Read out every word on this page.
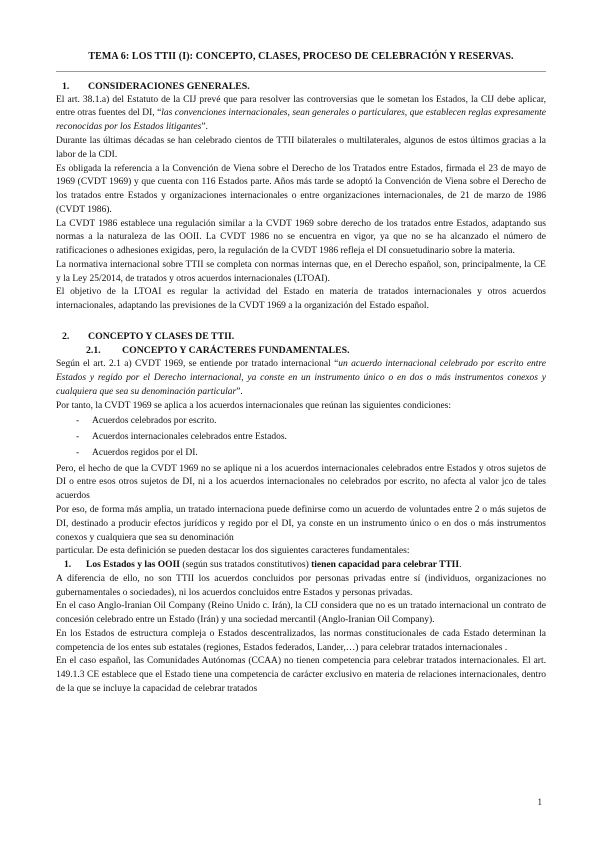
TEMA 6: LOS TTII (I): CONCEPTO, CLASES, PROCESO DE CELEBRACIÓN Y RESERVAS.
1. CONSIDERACIONES GENERALES.

El art. 38.1.a) del Estatuto de la CIJ prevé que para resolver las controversias que le sometan los Estados, la CIJ debe aplicar, entre otras fuentes del DI, “las convenciones internacionales, sean generales o particulares, que establecen reglas expresamente reconocidas por los Estados litigantes”.

Durante las últimas décadas se han celebrado cientos de TTII bilaterales o multilaterales, algunos de estos últimos gracias a la labor de la CDI.

Es obligada la referencia a la Convención de Viena sobre el Derecho de los Tratados entre Estados, firmada el 23 de mayo de 1969 (CVDT 1969) y que cuenta con 116 Estados parte. Años más tarde se adoptó la Convención de Viena sobre el Derecho de los tratados entre Estados y organizaciones internacionales o entre organizaciones internacionales, de 21 de marzo de 1986 (CVDT 1986).

La CVDT 1986 establece una regulación similar a la CVDT 1969 sobre derecho de los tratados entre Estados, adaptando sus normas a la naturaleza de las OOII. La CVDT 1986 no se encuentra en vigor, ya que no se ha alcanzado el número de ratificaciones o adhesiones exigidas, pero, la regulación de la CVDT 1986 refleja el DI consuetudinario sobre la materia.

La normativa internacional sobre TTII se completa con normas internas que, en el Derecho español, son, principalmente, la CE y la Ley 25/2014, de tratados y otros acuerdos internacionales (LTOAI).

El objetivo de la LTOAI es regular la actividad del Estado en materia de tratados internacionales y otros acuerdos internacionales, adaptando las previsiones de la CVDT 1969 a la organización del Estado español.

2. CONCEPTO Y CLASES DE TTII.
2.1. CONCEPTO Y CARÁCTERES FUNDAMENTALES.

Según el art. 2.1 a) CVDT 1969, se entiende por tratado internacional “un acuerdo internacional celebrado por escrito entre Estados y regido por el Derecho internacional, ya conste en un instrumento único o en dos o más instrumentos conexos y cualquiera que sea su denominación particular”.

Por tanto, la CVDT 1969 se aplica a los acuerdos internacionales que reúnan las siguientes condiciones:

- Acuerdos celebrados por escrito.
- Acuerdos internacionales celebrados entre Estados.
- Acuerdos regidos por el DI.

Pero, el hecho de que la CVDT 1969 no se aplique ni a los acuerdos internacionales celebrados entre Estados y otros sujetos de DI o entre esos otros sujetos de DI, ni a los acuerdos internacionales no celebrados por escrito, no afecta al valor jco de tales acuerdos

Por eso, de forma más amplia, un tratado internaciona puede definirse como un acuerdo de voluntades entre 2 o más sujetos de DI, destinado a producir efectos jurídicos y regido por el DI, ya conste en un instrumento único o en dos o más instrumentos conexos y cualquiera que sea su denominación

particular. De esta definición se pueden destacar los dos siguientes caracteres fundamentales:

1. Los Estados y las OOII (según sus tratados constitutivos) tienen capacidad para celebrar TTII.

A diferencia de ello, no son TTII los acuerdos concluidos por personas privadas entre sí (individuos, organizaciones no gubernamentales o sociedades), ni los acuerdos concluidos entre Estados y personas privadas.

En el caso Anglo-Iranian Oil Company (Reino Unido c. Irán), la CIJ considera que no es un tratado internacional un contrato de concesión celebrado entre un Estado (Irán) y una sociedad mercantil (Anglo-Iranian Oil Company).

En los Estados de estructura compleja o Estados descentralizados, las normas constitucionales de cada Estado determinan la competencia de los entes sub estatales (regiones, Estados federados, Lander,…) para celebrar tratados internacionales .

En el caso español, las Comunidades Autónomas (CCAA) no tienen competencia para celebrar tratados internacionales. El art. 149.1.3 CE establece que el Estado tiene una competencia de carácter exclusivo en materia de relaciones internacionales, dentro de la que se incluye la capacidad de celebrar tratados

1
